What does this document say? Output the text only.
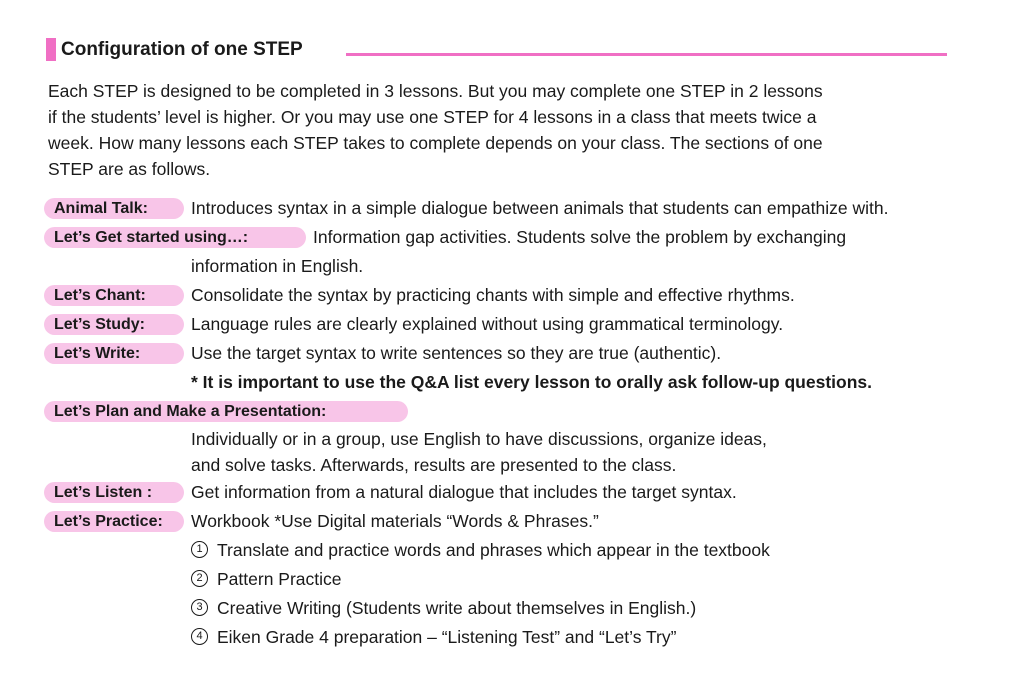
Configuration of one STEP
Each STEP is designed to be completed in 3 lessons. But you may complete one STEP in 2 lessons
if the students’ level is higher. Or you may use one STEP for 4 lessons in a class that meets twice a
week. How many lessons each STEP takes to complete depends on your class. The sections of one
STEP are as follows.
Animal Talk:	Introduces syntax in a simple dialogue between animals that students can empathize with.
Let’s Get started using…:	Information gap activities. Students solve the problem by exchanging
information in English.
Let’s Chant:	Consolidate the syntax by practicing chants with simple and effective rhythms.
Let’s Study:	Language rules are clearly explained without using grammatical terminology.
Let’s Write:	Use the target syntax to write sentences so they are true (authentic).
* It is important to use the Q&A list every lesson to orally ask follow-up questions.
Let’s Plan and Make a Presentation:
Individually or in a group, use English to have discussions, organize ideas,
and solve tasks. Afterwards, results are presented to the class.
Let’s Listen :	Get information from a natural dialogue that includes the target syntax.
Let’s Practice:	Workbook *Use Digital materials “Words & Phrases.”
1 Translate and practice words and phrases which appear in the textbook
2 Pattern Practice
3 Creative Writing (Students write about themselves in English.)
4 Eiken Grade 4 preparation – “Listening Test” and “Let’s Try”
